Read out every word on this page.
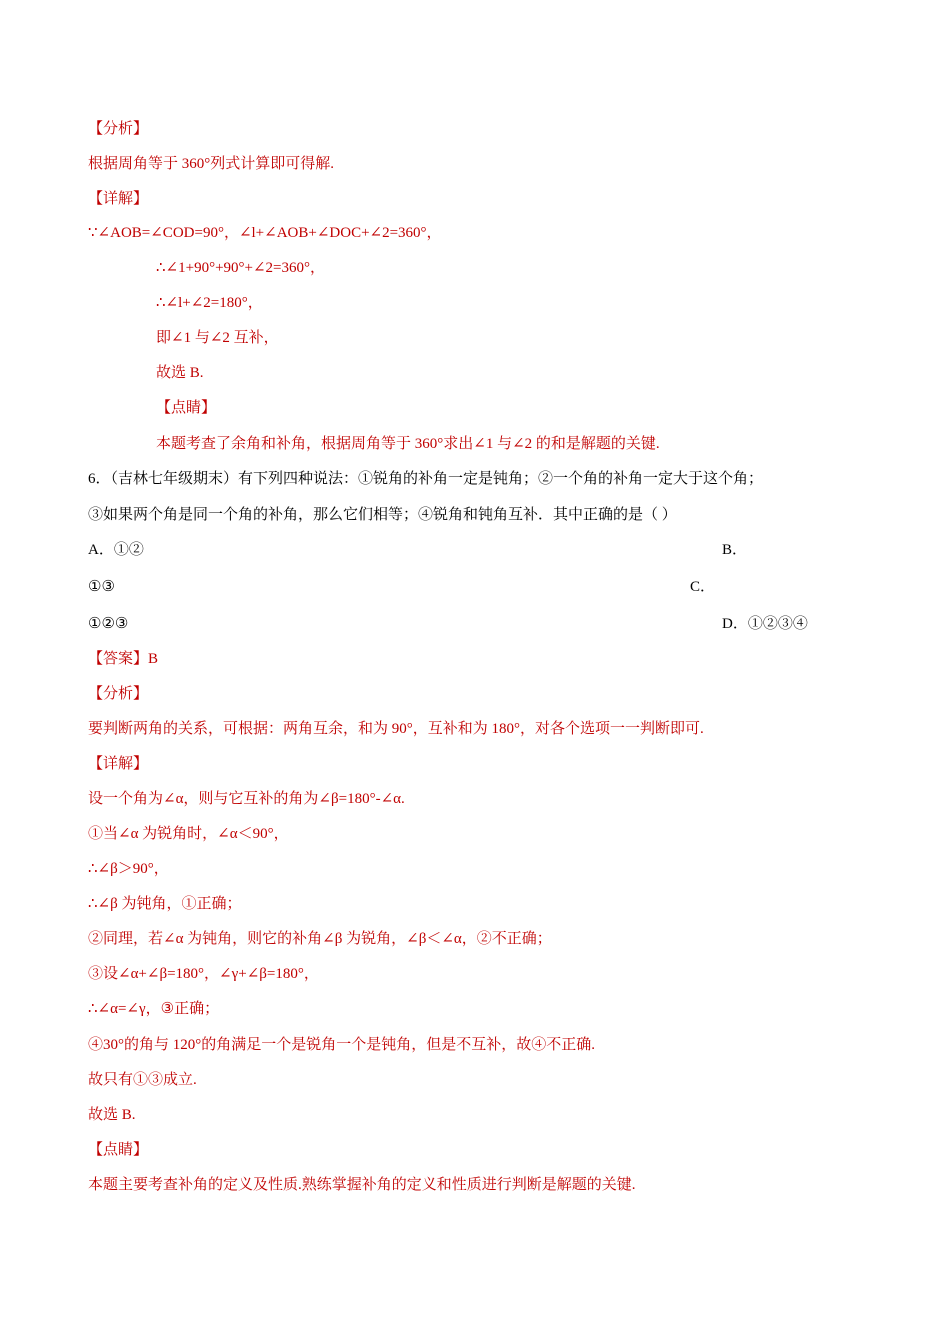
【分析】
根据周角等于 360°列式计算即可得解.
【详解】
∵∠AOB=∠COD=90°，∠l+∠AOB+∠DOC+∠2=360°，
∴∠1+90°+90°+∠2=360°，
∴∠l+∠2=180°，
即∠1 与∠2 互补，
故选 B.
【点睛】
本题考查了余角和补角，根据周角等于 360°求出∠1 与∠2 的和是解题的关键.
6．（吉林七年级期末）有下列四种说法：①锐角的补角一定是钝角；②一个角的补角一定大于这个角；
③如果两个角是同一个角的补角，那么它们相等；④锐角和钝角互补．其中正确的是（ ）
A．①②	B．
①③	C．
①②③	D．①②③④
【答案】B
【分析】
要判断两角的关系，可根据：两角互余，和为 90°，互补和为 180°，对各个选项一一判断即可.
【详解】
设一个角为∠α，则与它互补的角为∠β=180°-∠α.
①当∠α 为锐角时，∠α＜90°，
∴∠β＞90°，
∴∠β 为钝角，①正确；
②同理，若∠α 为钝角，则它的补角∠β 为锐角，∠β＜∠α，②不正确；
③设∠α+∠β=180°，∠γ+∠β=180°，
∴∠α=∠γ，③正确；
④30°的角与 120°的角满足一个是锐角一个是钝角，但是不互补，故④不正确.
故只有①③成立.
故选 B.
【点睛】
本题主要考查补角的定义及性质.熟练掌握补角的定义和性质进行判断是解题的关键.
